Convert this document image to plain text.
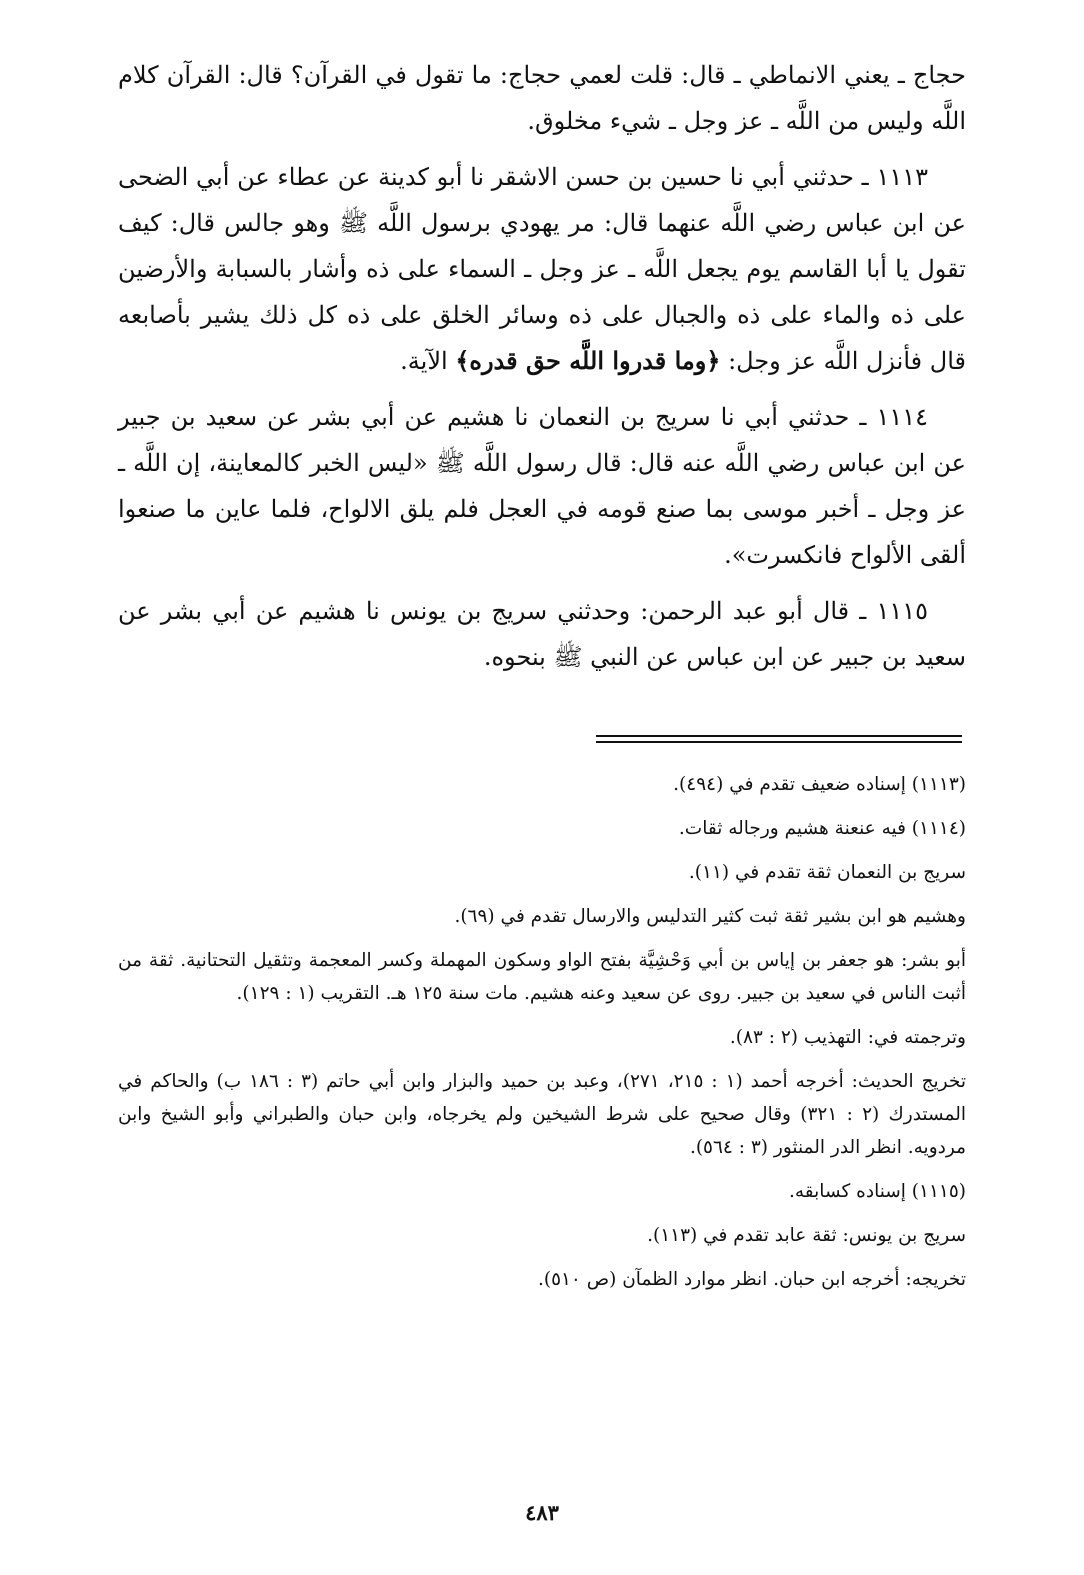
حجاج ـ يعني الانماطي ـ قال: قلت لعمي حجاج: ما تقول في القرآن؟ قال: القرآن كلام اللَّه وليس من اللَّه ـ عز وجل ـ شيء مخلوق.

١١١٣ ـ حدثني أبي نا حسين بن حسن الاشقر نا أبو كدينة عن عطاء عن أبي الضحى عن ابن عباس رضي اللَّه عنهما قال: مر يهودي برسول اللَّه ﷺ وهو جالس قال: كيف تقول يا أبا القاسم يوم يجعل اللَّه ـ عز وجل ـ السماء على ذه وأشار بالسبابة والأرضين على ذه والماء على ذه والجبال على ذه وسائر الخلق على ذه كل ذلك يشير بأصابعه قال فأنزل اللَّه عز وجل: ﴿وما قدروا اللَّه حق قدره﴾ الآية.

١١١٤ ـ حدثني أبي نا سريج بن النعمان نا هشيم عن أبي بشر عن سعيد بن جبير عن ابن عباس رضي اللَّه عنه قال: قال رسول اللَّه ﷺ «ليس الخبر كالمعاينة، إن اللَّه ـ عز وجل ـ أخبر موسى بما صنع قومه في العجل فلم يلق الالواح، فلما عاين ما صنعوا ألقى الألواح فانكسرت».

١١١٥ ـ قال أبو عبد الرحمن: وحدثني سريج بن يونس نا هشيم عن أبي بشر عن سعيد بن جبير عن ابن عباس عن النبي ﷺ بنحوه.

(١١١٣) إسناده ضعيف تقدم في (٤٩٤).

(١١١٤) فيه عنعنة هشيم ورجاله ثقات.

سريج بن النعمان ثقة تقدم في (١١).

وهشيم هو ابن بشير ثقة ثبت كثير التدليس والارسال تقدم في (٦٩).

أبو بشر: هو جعفر بن إياس بن أبي وَحْشِيَّة بفتح الواو وسكون المهملة وكسر المعجمة وتثقيل التحتانية. ثقة من أثبت الناس في سعيد بن جبير. روى عن سعيد وعنه هشيم. مات سنة ١٢٥ هـ. التقريب (١ : ١٢٩).

وترجمته في: التهذيب (٢ : ٨٣).

تخريج الحديث: أخرجه أحمد (١ : ٢١٥، ٢٧١)، وعبد بن حميد والبزار وابن أبي حاتم (٣ : ١٨٦ ب) والحاكم في المستدرك (٢ : ٣٢١) وقال صحيح على شرط الشيخين ولم يخرجاه، وابن حبان والطبراني وأبو الشيخ وابن مردويه. انظر الدر المنثور (٣ : ٥٦٤).

(١١١٥) إسناده كسابقه.

سريج بن يونس: ثقة عابد تقدم في (١١٣).

تخريجه: أخرجه ابن حبان. انظر موارد الظمآن (ص ٥١٠).

٤٨٣
